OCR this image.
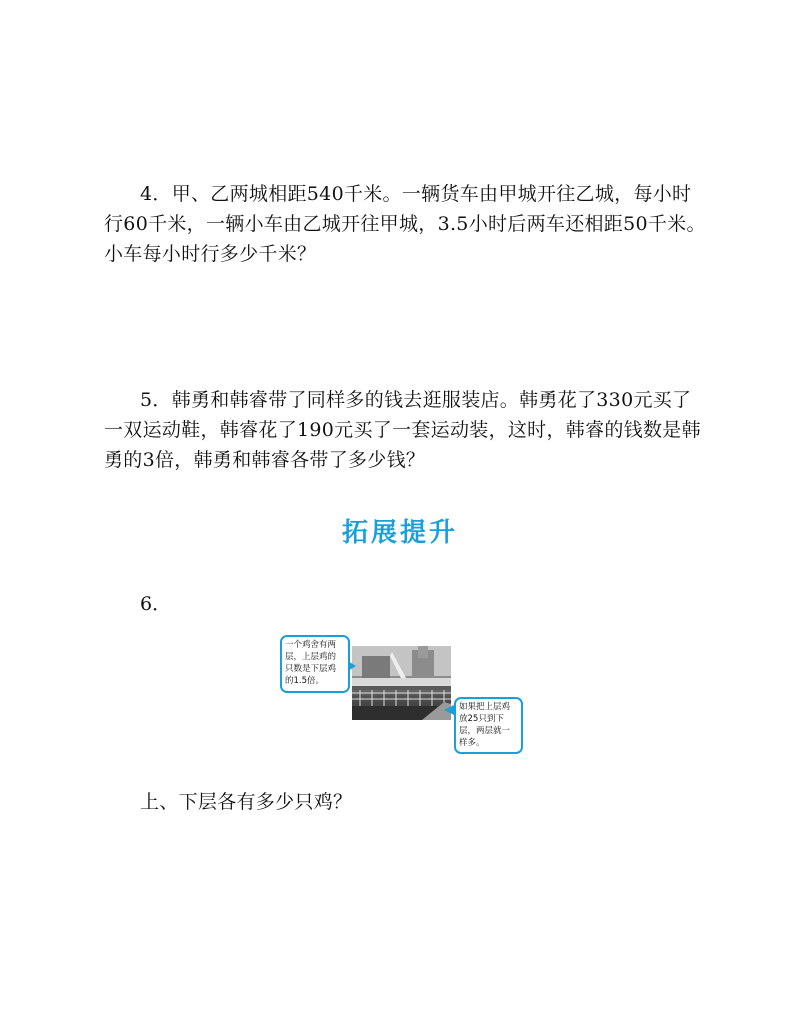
4．甲、乙两城相距540千米。一辆货车由甲城开往乙城，每小时
行60千米，一辆小车由乙城开往甲城，3.5小时后两车还相距50千米。
小车每小时行多少千米？

5．韩勇和韩睿带了同样多的钱去逛服装店。韩勇花了330元买了
一双运动鞋，韩睿花了190元买了一套运动装，这时，韩睿的钱数是韩
勇的3倍，韩勇和韩睿各带了多少钱？

拓展提升
6．
一个鸡舍有两
层，上层鸡的
只数是下层鸡
的1.5倍。
如果把上层鸡
放25只到下
层，两层就一
样多。
上、下层各有多少只鸡？
